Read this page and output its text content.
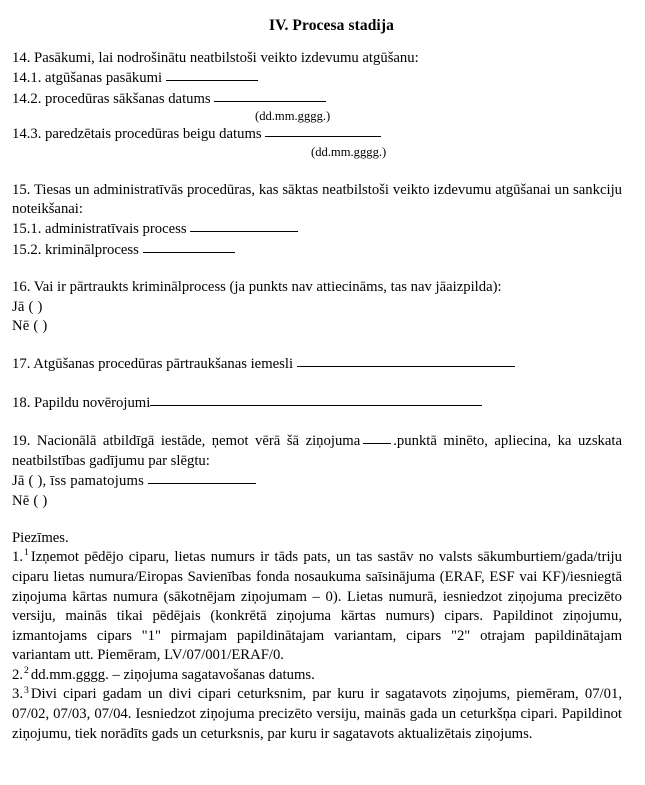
IV. Procesa stadija

14. Pasākumi, lai nodrošinātu neatbilstoši veikto izdevumu atgūšanu:

14.1. atgūšanas pasākumi

14.2. procedūras sākšanas datums

(dd.mm.gggg.)

14.3. paredzētais procedūras beigu datums

(dd.mm.gggg.)

15. Tiesas un administratīvās procedūras, kas sāktas neatbilstoši veikto izdevumu atgūšanai un sankciju noteikšanai:

15.1. administratīvais process

15.2. kriminālprocess

16. Vai ir pārtraukts kriminālprocess (ja punkts nav attiecināms, tas nav jāaizpilda):

Jā ( )

Nē ( )

17. Atgūšanas procedūras pārtraukšanas iemesli

18. Papildu novērojumi

19. Nacionālā atbildīgā iestāde, ņemot vērā šā ziņojuma .punktā minēto, apliecina, ka uzskata neatbilstības gadījumu par slēgtu:

Jā ( ), īss pamatojums

Nē ( )

Piezīmes.

1.$^1$ Izņemot pēdējo ciparu, lietas numurs ir tāds pats, un tas sastāv no valsts sākumburtiem/gada/triju ciparu lietas numura/Eiropas Savienības fonda nosaukuma saīsinājuma (ERAF, ESF vai KF)/iesniegtā ziņojuma kārtas numura (sākotnējam ziņojumam – 0). Lietas numurā, iesniedzot ziņojuma precizēto versiju, mainās tikai pēdējais (konkrētā ziņojuma kārtas numurs) cipars. Papildinot ziņojumu, izmantojams cipars "1" pirmajam papildinātajam variantam, cipars "2" otrajam papildinātajam variantam utt. Piemēram, LV/07/001/ERAF/0.

2.$^2$ dd.mm.gggg. – ziņojuma sagatavošanas datums.

3.$^3$ Divi cipari gadam un divi cipari ceturksnim, par kuru ir sagatavots ziņojums, piemēram, 07/01, 07/02, 07/03, 07/04. Iesniedzot ziņojuma precizēto versiju, mainās gada un ceturkšņa cipari. Papildinot ziņojumu, tiek norādīts gads un ceturksnis, par kuru ir sagatavots aktualizētais ziņojums.
